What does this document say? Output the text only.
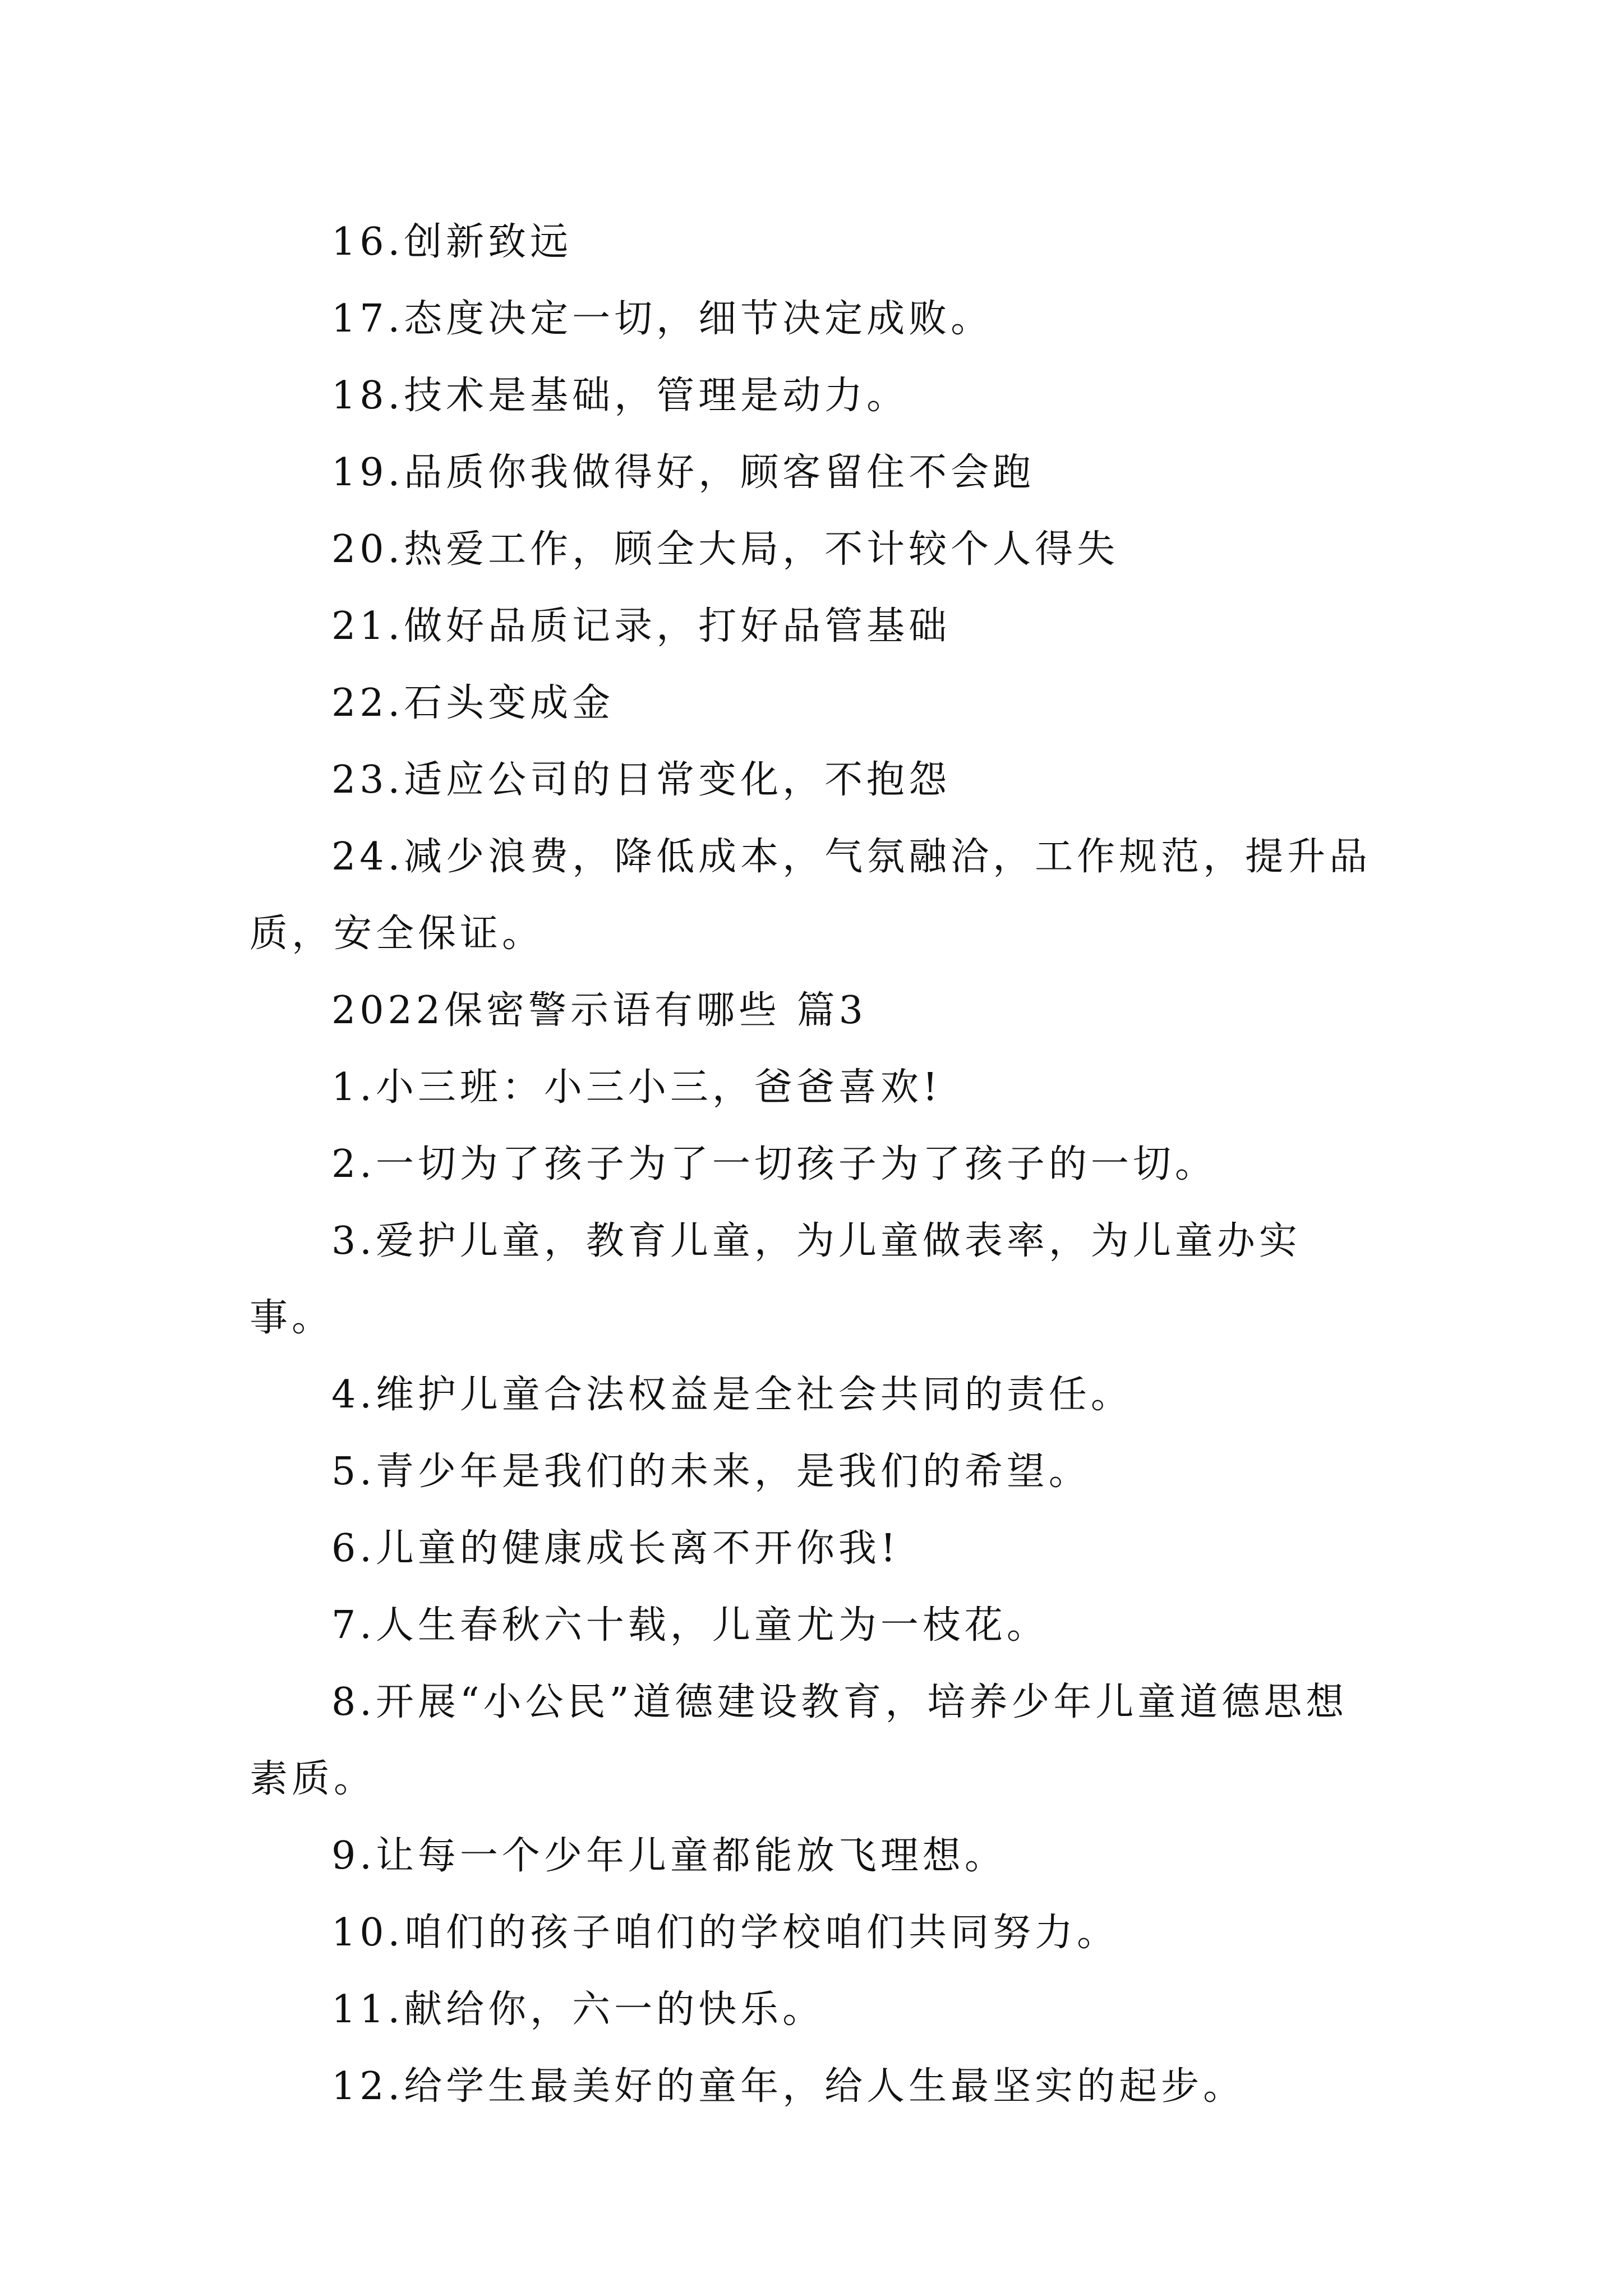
16.创新致远

17.态度决定一切，细节决定成败。

18.技术是基础，管理是动力。

19.品质你我做得好，顾客留住不会跑

20.热爱工作，顾全大局，不计较个人得失

21.做好品质记录，打好品管基础

22.石头变成金

23.适应公司的日常变化，不抱怨

24.减少浪费，降低成本，气氛融洽，工作规范，提升品质，安全保证。

2022保密警示语有哪些 篇3

1.小三班：小三小三，爸爸喜欢!

2.一切为了孩子为了一切孩子为了孩子的一切。

3.爱护儿童，教育儿童，为儿童做表率，为儿童办实事。

4.维护儿童合法权益是全社会共同的责任。

5.青少年是我们的未来，是我们的希望。

6.儿童的健康成长离不开你我!

7.人生春秋六十载，儿童尤为一枝花。

8.开展“小公民”道德建设教育，培养少年儿童道德思想素质。

9.让每一个少年儿童都能放飞理想。

10.咱们的孩子咱们的学校咱们共同努力。

11.献给你，六一的快乐。

12.给学生最美好的童年，给人生最坚实的起步。
